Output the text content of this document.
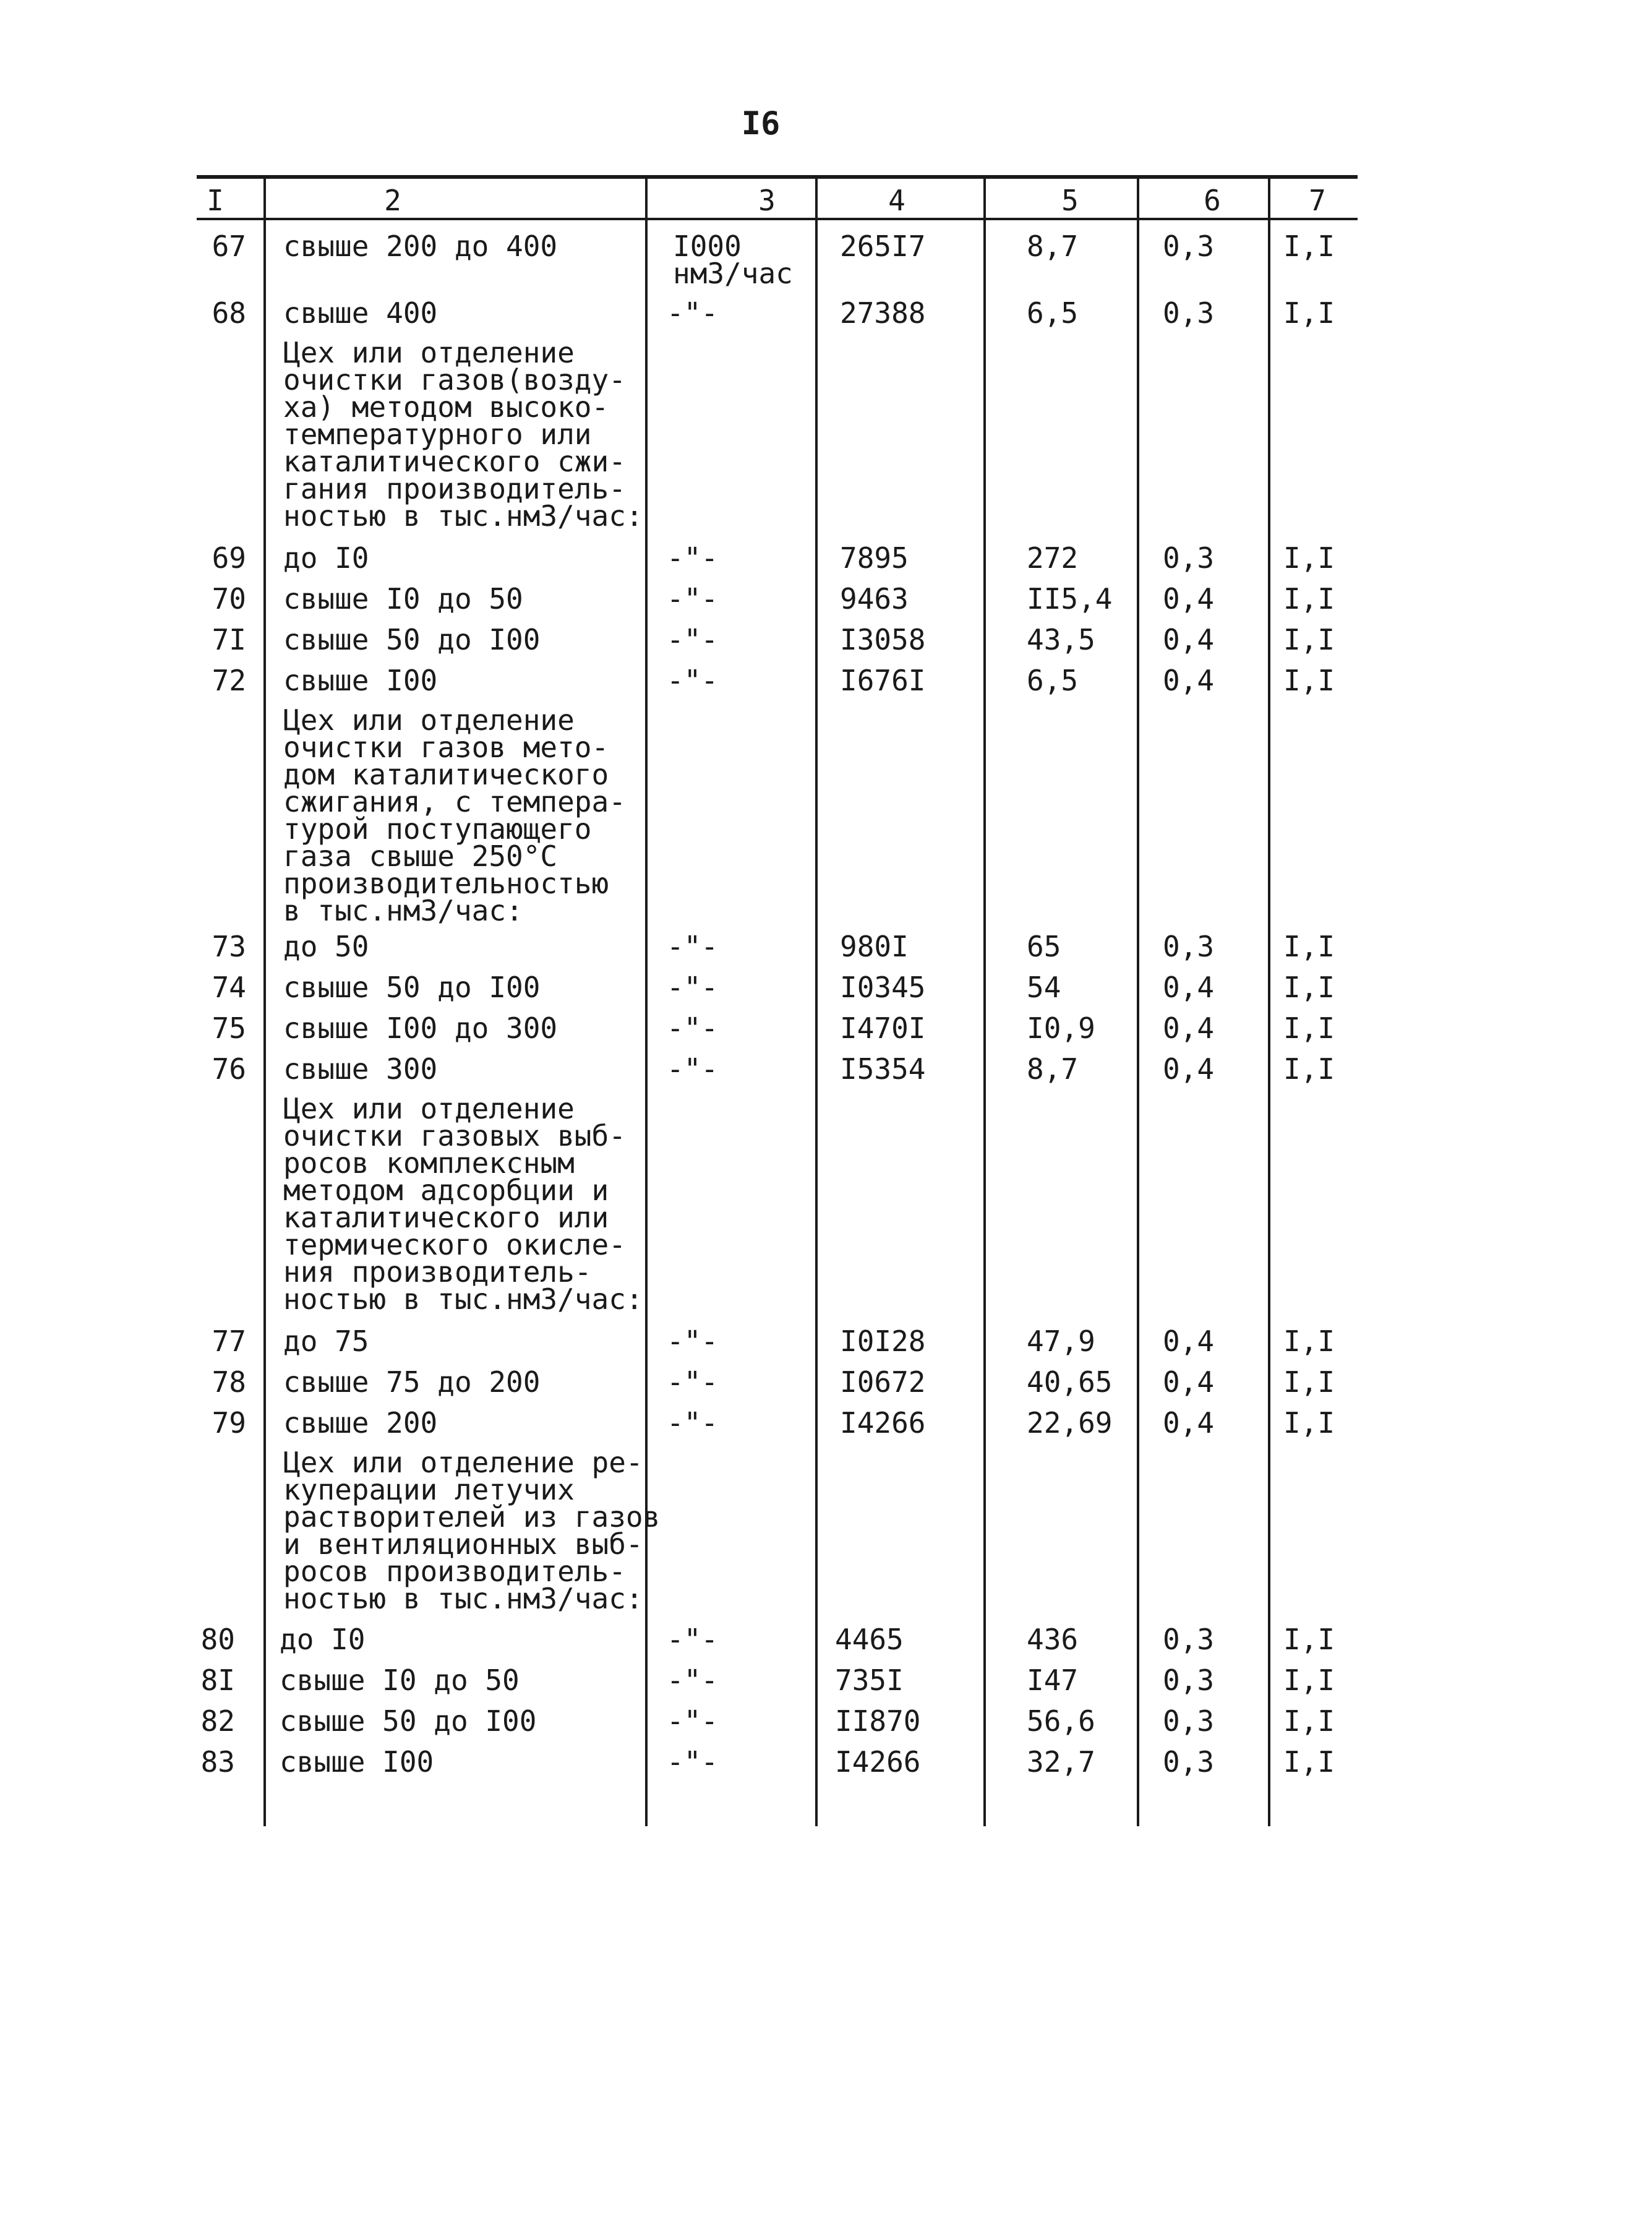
I6
I	2	3	4	5	6	7
67 свыше 200 до 400	I000
нм3/час
265I7	8,7	0,3 I,I
68 свыше 400	-"-	27388	6,5	0,3 I,I
Цех или отделение
очистки газов(возду-
ха) методом высоко-
температурного или
каталитического сжи-
гания производитель-
ностью в тыс.нм3/час:
69 до I0	-"-	7895	272	0,3 I,I
70 свыше I0 до 50	-"-	9463	II5,4 0,4 I,I
7I свыше 50 до I00	-"-	I3058	43,5 0,4 I,I
72 свыше I00	-"-	I676I	6,5	0,4 I,I
Цех или отделение
очистки газов мето-
дом каталитического
сжигания, с темпера-
турой поступающего
газа свыше 250°С
производительностью
в тыс.нм3/час:
73 до 50	-"-	980I	65	0,3 I,I
74 свыше 50 до I00	-"-	I0345	54	0,4 I,I
75 свыше I00 до 300	-"-	I470I	I0,9 0,4 I,I
76 свыше 300	-"-	I5354	8,7	0,4 I,I
Цех или отделение
очистки газовых выб-
росов комплексным
методом адсорбции и
каталитического или
термического окисле-
ния производитель-
ностью в тыс.нм3/час:
77 до 75	-"-	I0I28	47,9 0,4 I,I
78 свыше 75 до 200	-"-	I0672	40,65 0,4 I,I
79 свыше 200	-"-	I4266	22,69 0,4 I,I
Цех или отделение ре-
куперации летучих
растворителей из газов
и вентиляционных выб-
росов производитель-
ностью в тыс.нм3/час:
80 до I0	-"-	4465	436	0,3 I,I
8I свыше I0 до 50	-"-	735I	I47	0,3 I,I
82 свыше 50 до I00	-"-	II870	56,6 0,3 I,I
83 свыше I00	-"-	I4266	32,7 0,3 I,I
